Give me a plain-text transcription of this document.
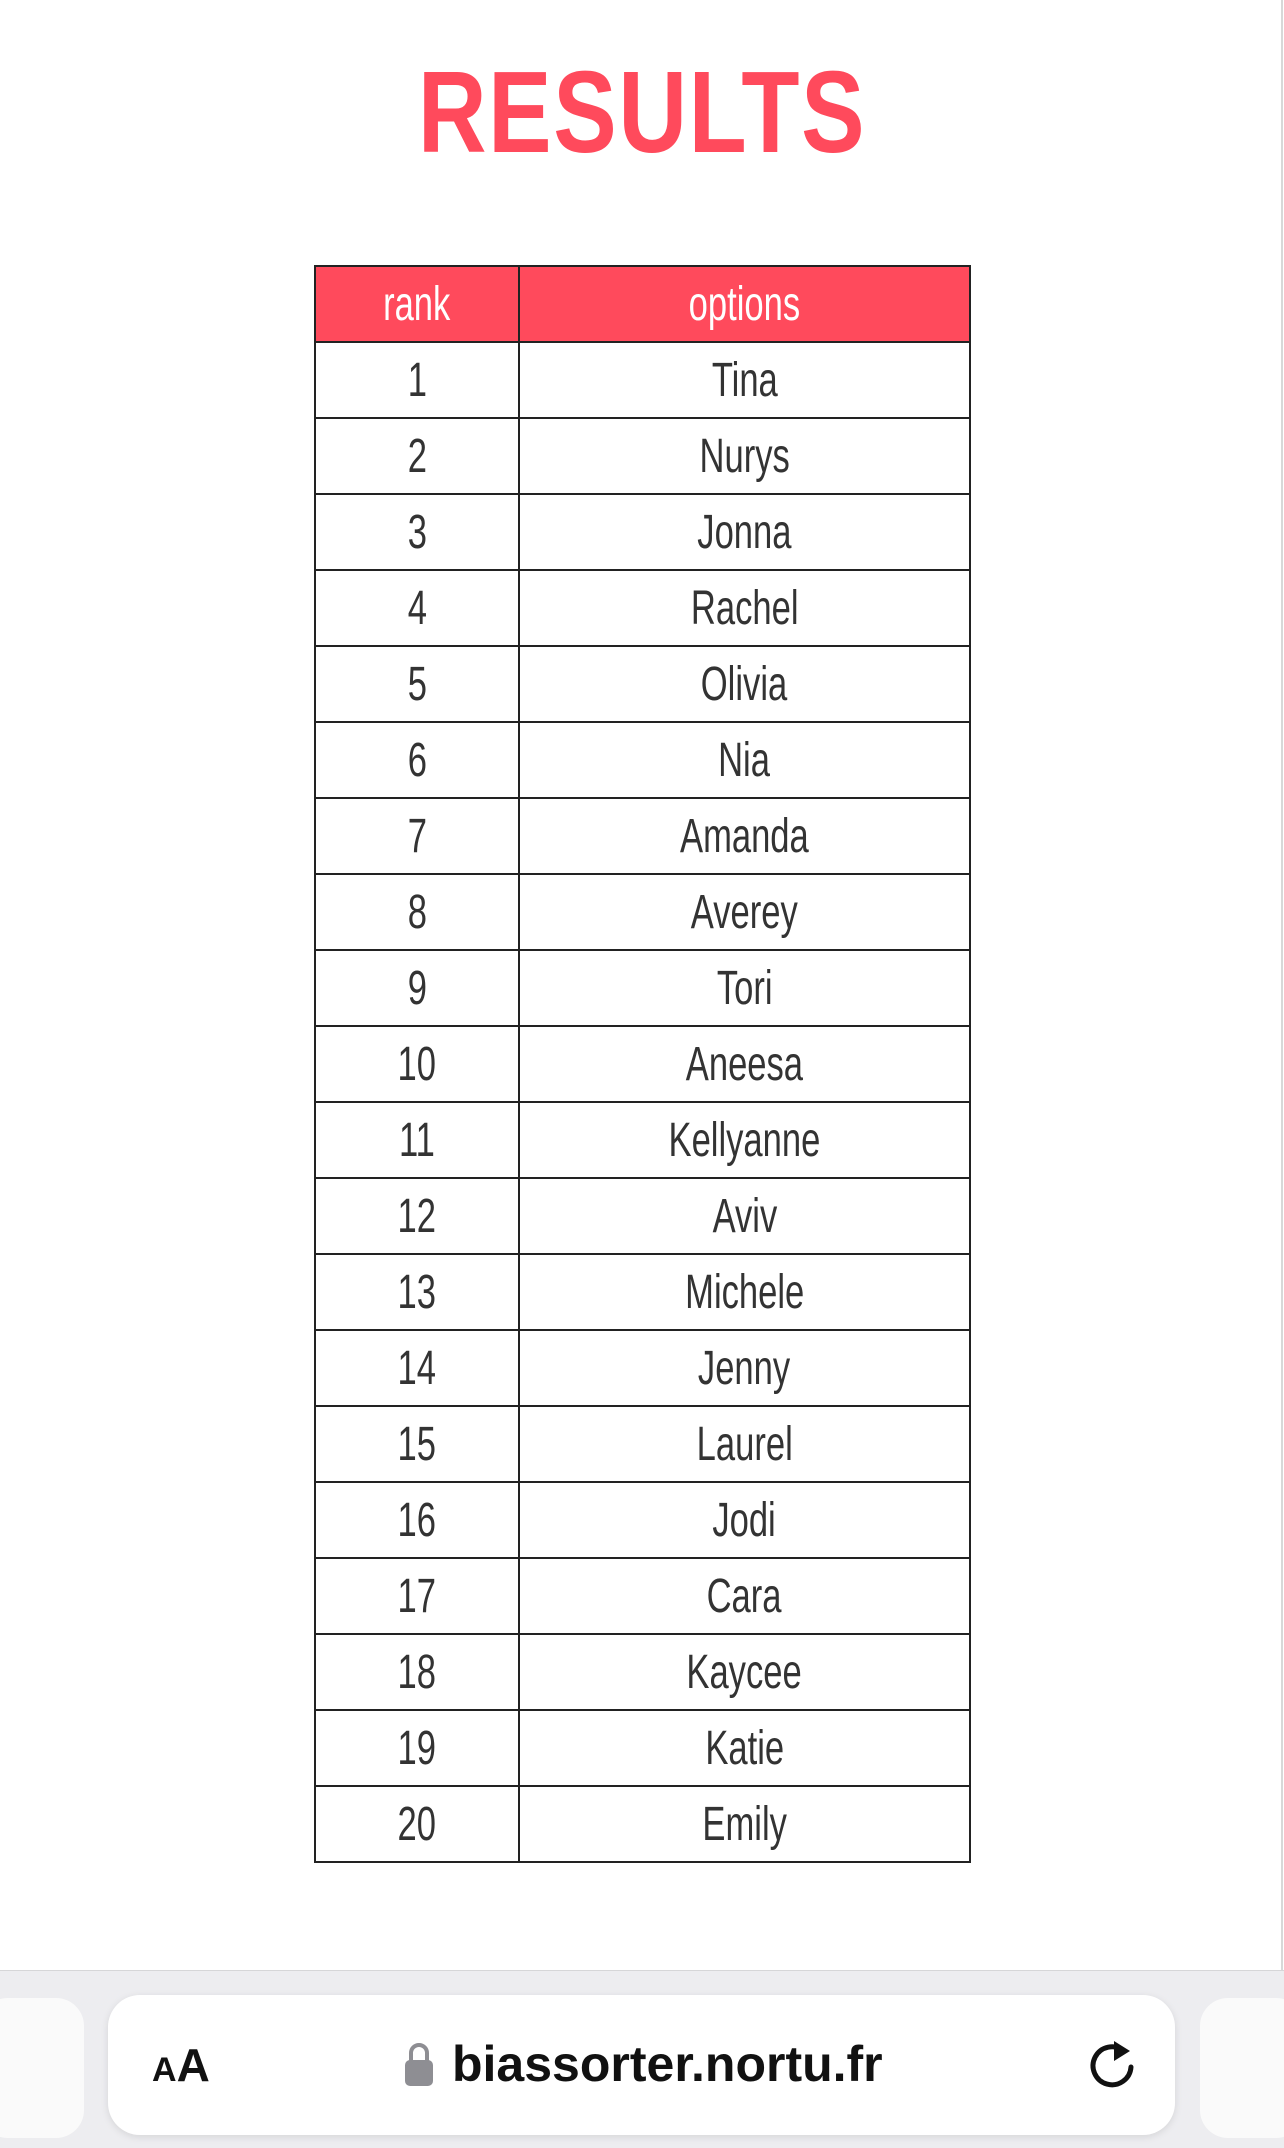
RESULTS
rank	options
1	Tina
2	Nurys
3	Jonna
4	Rachel
5	Olivia
6	Nia
7	Amanda
8	Averey
9	Tori
10	Aneesa
11	Kellyanne
12	Aviv
13	Michele
14	Jenny
15	Laurel
16	Jodi
17	Cara
18	Kaycee
19	Katie
20	Emily
AA	biassorter.nortu.fr
